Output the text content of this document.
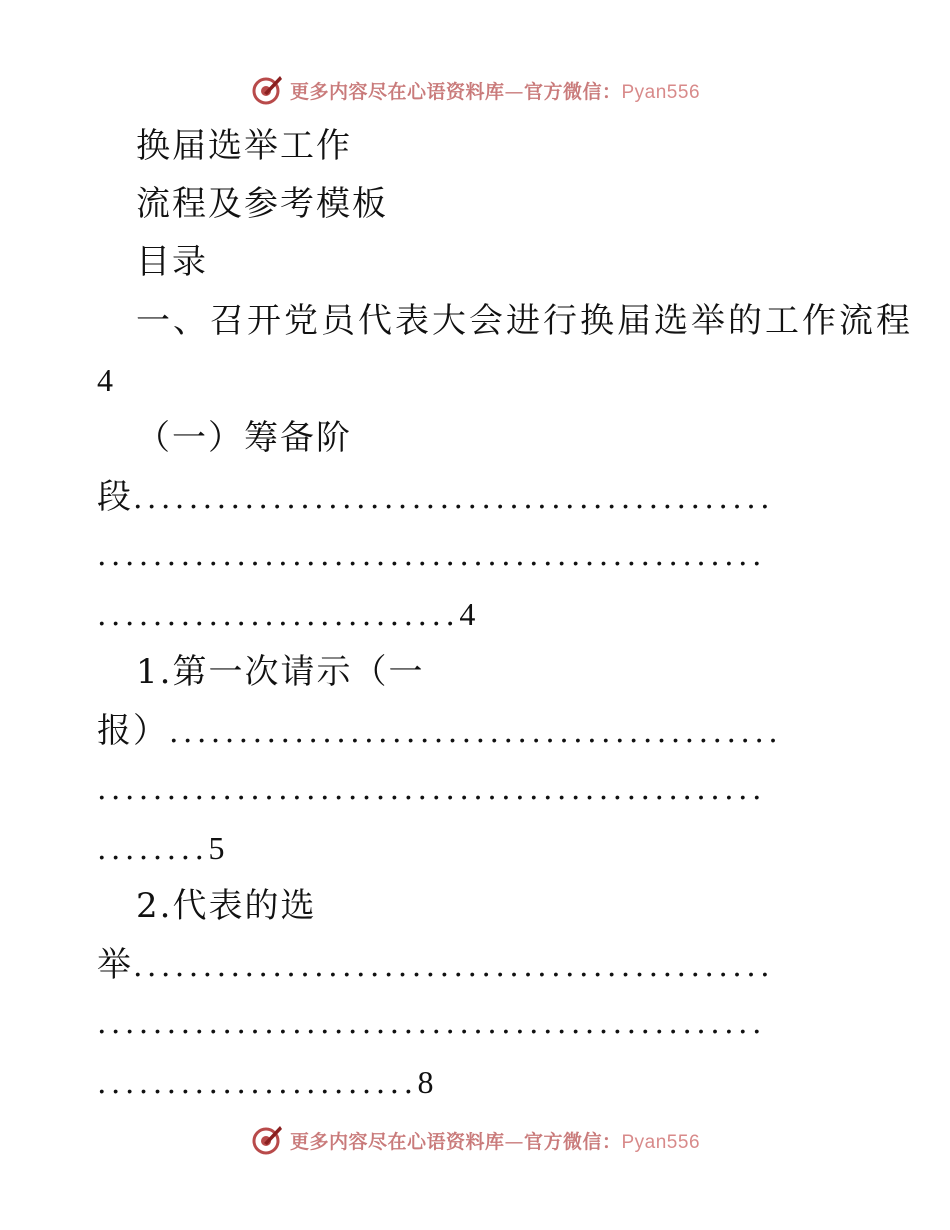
更多内容尽在心语资料库—官方微信：Pyan556
换届选举工作
流程及参考模板
目录
一、召开党员代表大会进行换届选举的工作流程
4
（一）筹备阶
段..............................................
................................................
..........................4
1.第一次请示（一
报）............................................
................................................
........5
2.代表的选
举..............................................
................................................
.......................8
更多内容尽在心语资料库—官方微信：Pyan556
